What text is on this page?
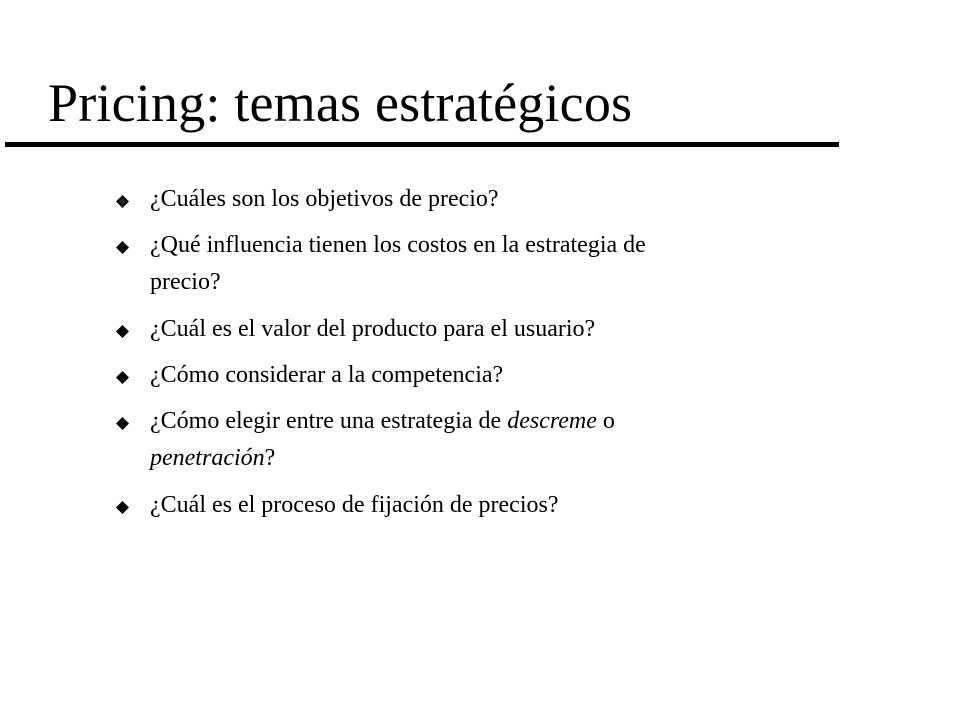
Pricing: temas estratégicos
¿Cuáles son los objetivos de precio?
¿Qué influencia tienen los costos en la estrategia de
precio?
¿Cuál es el valor del producto para el usuario?
¿Cómo considerar a la competencia?
¿Cómo elegir entre una estrategia de descreme o
penetración?
¿Cuál es el proceso de fijación de precios?
